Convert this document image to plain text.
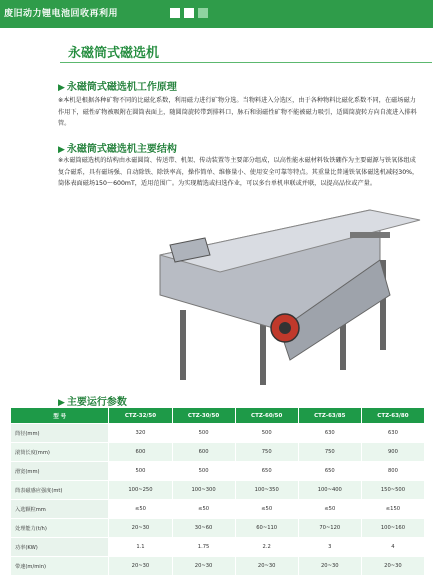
废旧动力锂电池回收再利用
永磁筒式磁选机
▶ 永磁筒式磁选机工作原理
※本机是根据各种矿物不同的比磁化系数，利用磁力进行矿物分选。当物料进入分选区，由于各种物料比磁化系数不同，在磁场磁力作用下，磁性矿物被吸附在圆筒表面上，随圆筒旋转带到排料口，脉石和弱磁性矿物不能被磁力吸引，适圆筒旋转方向自流进入排料管。
▶ 永磁筒式磁选机主要结构
※永磁筒磁选机的结构由永磁圆筒、传送带、机架、传动装置等主要部分组成，以高性能永磁材料钕铁硼作为主要磁源与铁氧体组成复合磁系，具有磁场强、自动除铁、除铁率高，操作简单、维修量小、使用安全可靠等特点。其重量比普通铁氧体磁选机减轻30%，筒体表面磁场150～600mT，适用范围广。为实现精选或扫选作业，可以多台单机串联或并联，以提高品位或产量。
▶ 主要运行参数
型 号	CTZ-32/50	CTZ-30/50	CTZ-60/50	CTZ-63/85	CTZ-63/80
筒径(mm)	320	500	500	630	630
滚筒长度(mm)	600	600	750	750	900
滑宽(mm)	500	500	650	650	800
筒表磁感应强度(mt)	100~250	100~300	100~350	100~400	150~500
入选颗粒mm	≤50	≤50	≤50	≤50	≤150
处理能力(t/h)	20~30	30~60	60~110	70~120	100~160
功率(KW)	1.1	1.75	2.2	3	4
带速(m/min)	20~30	20~30	20~30	20~30	20~30
